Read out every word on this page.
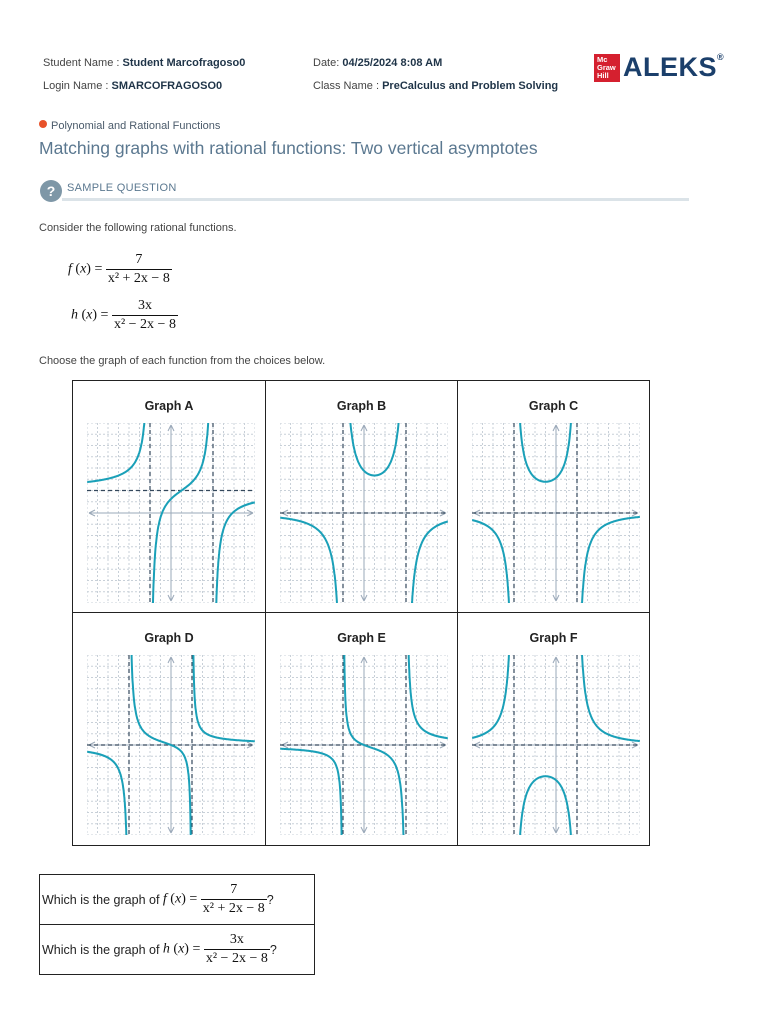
Student Name : Student Marcofragoso0
Login Name : SMARCOFRAGOSO0
Date: 04/25/2024 8:08 AM
Class Name : PreCalculus and Problem Solving
Mc Graw Hill ALEKS®
Polynomial and Rational Functions
Matching graphs with rational functions: Two vertical asymptotes
?	SAMPLE QUESTION
Consider the following rational functions.
f $(x) = \frac{7}{\text{x² + 2x − 8}}$
h $(x) = \frac{3x}{\text{x² − 2x − 8}}$
Choose the graph of each function from the choices below.
Graph A	Graph B	Graph C
Graph D	Graph E	Graph F
Which is the graph of
f $(x) = \frac{7}{\text{x² + 2x − 8}}$ ?
Which is the graph of
h $(x) = \frac{3x}{\text{x² − 2x − 8}}$ ?
